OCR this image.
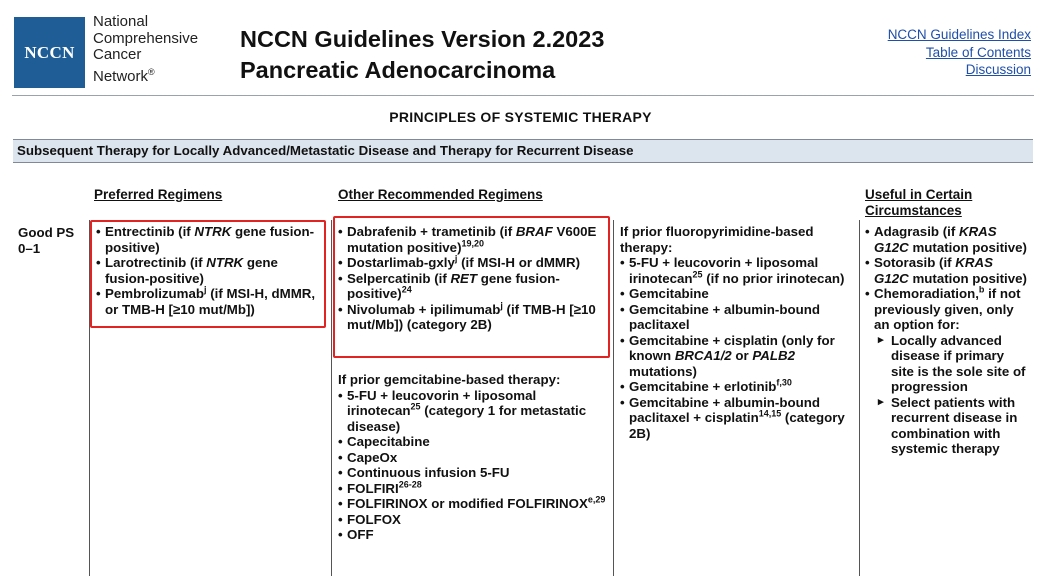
NCCN
National
Comprehensive
Cancer
Network®
NCCN Guidelines Version 2.2023
Pancreatic Adenocarcinoma
NCCN Guidelines Index
Table of Contents
Discussion
PRINCIPLES OF SYSTEMIC THERAPY
Subsequent Therapy for Locally Advanced/Metastatic Disease and Therapy for Recurrent Disease
Preferred Regimens	Other Recommended Regimens	Useful in Certain Circumstances
Good PS
0–1
• Entrectinib (if NTRK gene fusion-positive)
• Larotrectinib (if NTRK gene fusion-positive)
• Pembrolizumab$^j$ (if MSI-H, dMMR, or TMB-H [≥10 mut/Mb])
• Dabrafenib + trametinib (if BRAF V600E mutation positive)$^{19,20}$
• Dostarlimab-gxly$^j$ (if MSI-H or dMMR)
• Selpercatinib (if RET gene fusion-positive)$^{24}$
• Nivolumab + ipilimumab$^j$ (if TMB-H [≥10 mut/Mb]) (category 2B)
If prior gemcitabine-based therapy:
• 5-FU + leucovorin + liposomal irinotecan$^{25}$ (category 1 for metastatic disease)
• Capecitabine
• CapeOx
• Continuous infusion 5-FU
• FOLFIRI$^{26-28}$
• FOLFIRINOX or modified FOLFIRINOX$^{e,29}$
• FOLFOX
• OFF
If prior fluoropyrimidine-based therapy:
• 5-FU + leucovorin + liposomal irinotecan$^{25}$ (if no prior irinotecan)
• Gemcitabine
• Gemcitabine + albumin-bound paclitaxel
• Gemcitabine + cisplatin (only for known BRCA1/2 or PALB2 mutations)
• Gemcitabine + erlotinib$^{f,30}$
• Gemcitabine + albumin-bound paclitaxel + cisplatin$^{14,15}$ (category 2B)
• Adagrasib (if KRAS G12C mutation positive)
• Sotorasib (if KRAS G12C mutation positive)
• Chemoradiation,$^b$ if not previously given, only an option for:
▸ Locally advanced disease if primary site is the sole site of progression
▸ Select patients with recurrent disease in combination with systemic therapy
